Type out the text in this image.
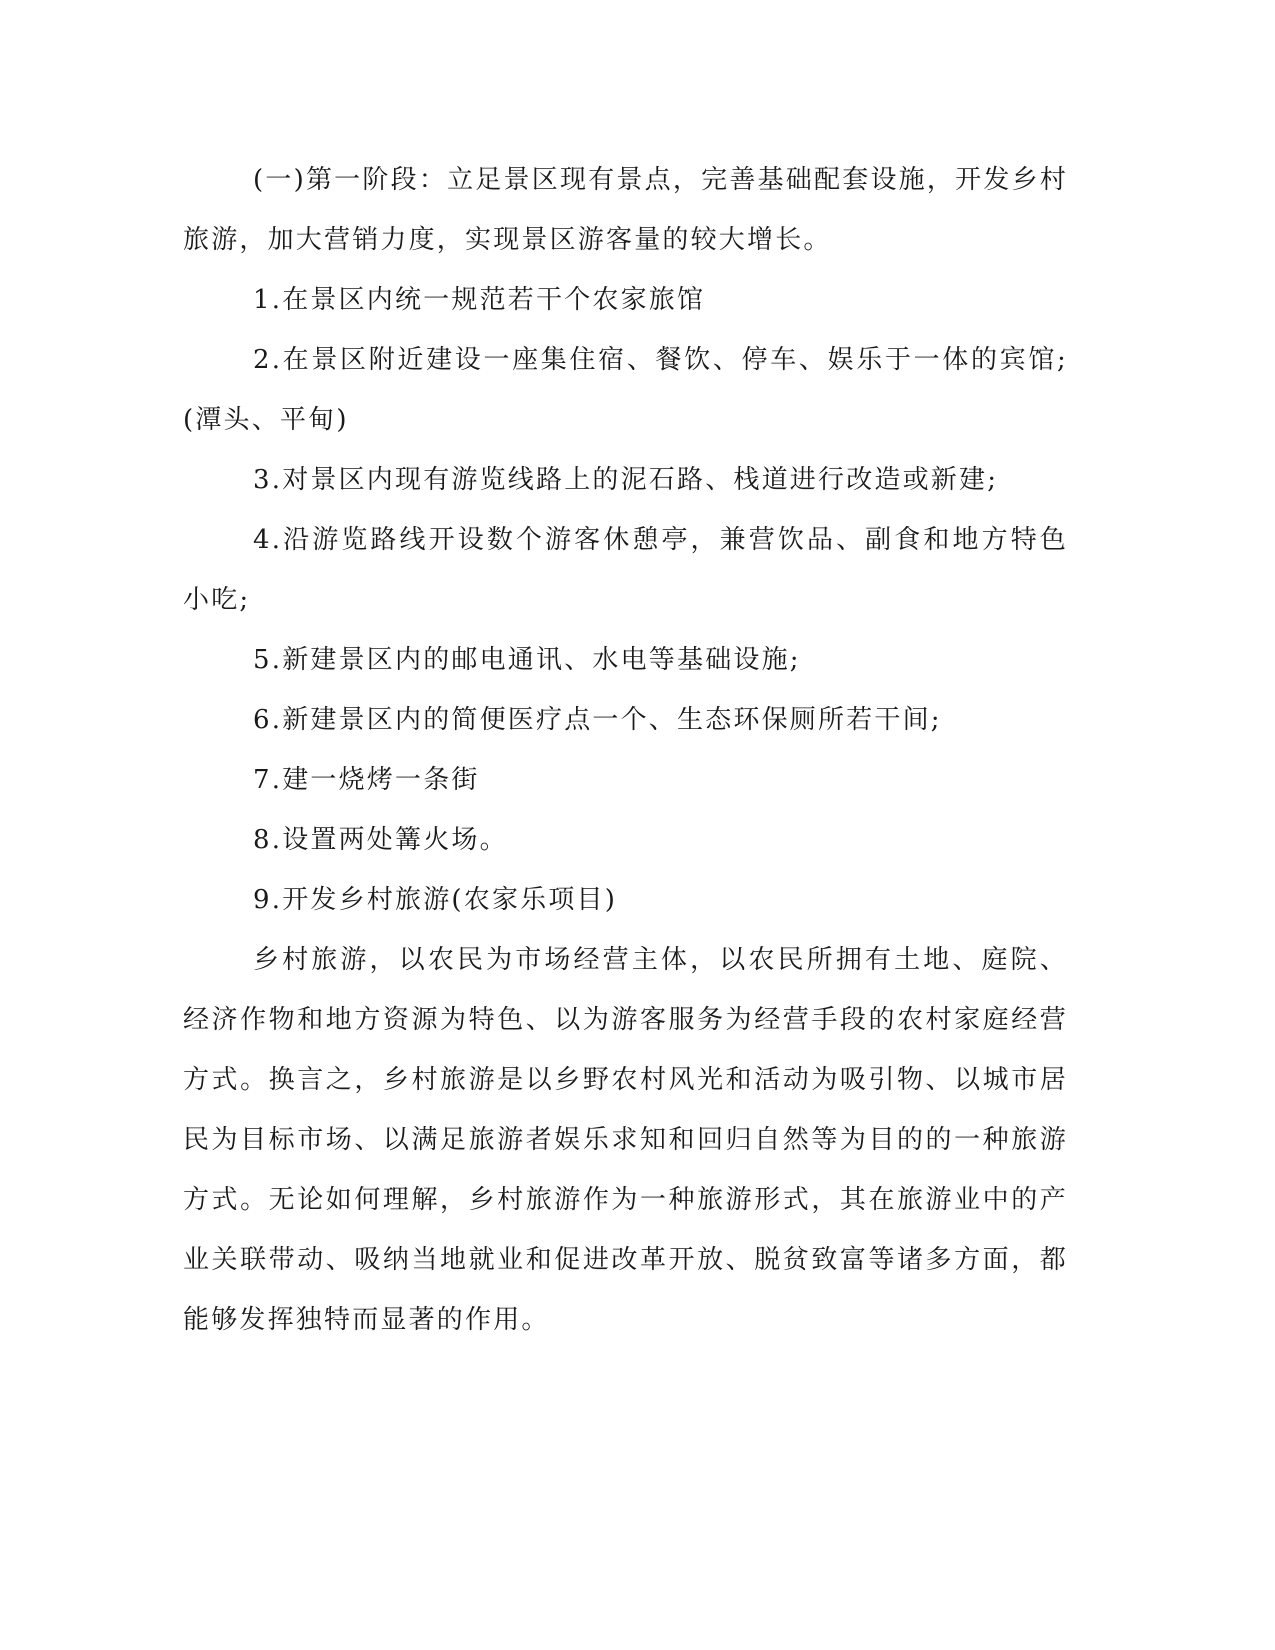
(一)第一阶段：立足景区现有景点，完善基础配套设施，开发乡村旅游，加大营销力度，实现景区游客量的较大增长。

1.在景区内统一规范若干个农家旅馆

2.在景区附近建设一座集住宿、餐饮、停车、娱乐于一体的宾馆;(潭头、平甸)

3.对景区内现有游览线路上的泥石路、栈道进行改造或新建;

4.沿游览路线开设数个游客休憩亭，兼营饮品、副食和地方特色小吃;

5.新建景区内的邮电通讯、水电等基础设施;

6.新建景区内的简便医疗点一个、生态环保厕所若干间;

7.建一烧烤一条街

8.设置两处篝火场。

9.开发乡村旅游(农家乐项目)

乡村旅游，以农民为市场经营主体，以农民所拥有土地、庭院、经济作物和地方资源为特色、以为游客服务为经营手段的农村家庭经营方式。换言之，乡村旅游是以乡野农村风光和活动为吸引物、以城市居民为目标市场、以满足旅游者娱乐求知和回归自然等为目的的一种旅游方式。无论如何理解，乡村旅游作为一种旅游形式，其在旅游业中的产业关联带动、吸纳当地就业和促进改革开放、脱贫致富等诸多方面，都能够发挥独特而显著的作用。
